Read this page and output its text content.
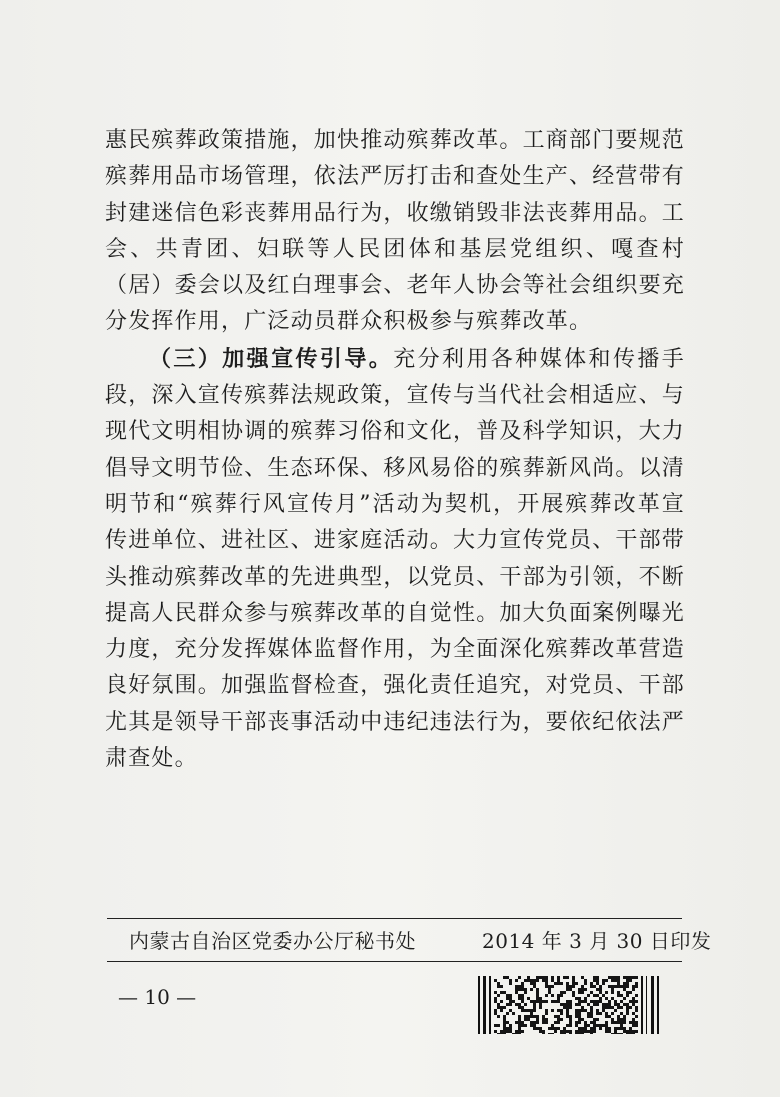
惠民殡葬政策措施，加快推动殡葬改革。工商部门要规范殡葬用品市场管理，依法严厉打击和查处生产、经营带有封建迷信色彩丧葬用品行为，收缴销毁非法丧葬用品。工会、共青团、妇联等人民团体和基层党组织、嘎查村（居）委会以及红白理事会、老年人协会等社会组织要充分发挥作用，广泛动员群众积极参与殡葬改革。

（三）加强宣传引导。充分利用各种媒体和传播手段，深入宣传殡葬法规政策，宣传与当代社会相适应、与现代文明相协调的殡葬习俗和文化，普及科学知识，大力倡导文明节俭、生态环保、移风易俗的殡葬新风尚。以清明节和“殡葬行风宣传月”活动为契机，开展殡葬改革宣传进单位、进社区、进家庭活动。大力宣传党员、干部带头推动殡葬改革的先进典型，以党员、干部为引领，不断提高人民群众参与殡葬改革的自觉性。加大负面案例曝光力度，充分发挥媒体监督作用，为全面深化殡葬改革营造良好氛围。加强监督检查，强化责任追究，对党员、干部尤其是领导干部丧事活动中违纪违法行为，要依纪依法严肃查处。

内蒙古自治区党委办公厅秘书处	2014 年 3 月 30 日印发
— 10 —
